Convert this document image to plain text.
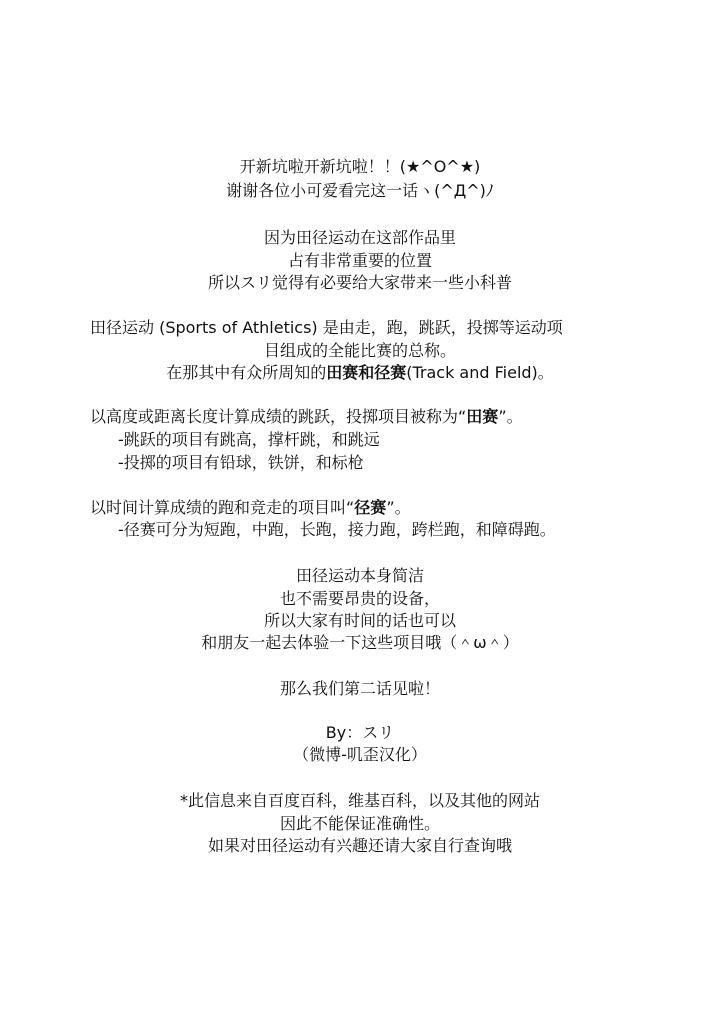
开新坑啦开新坑啦！！(★^O^★)
谢谢各位小可爱看完这一话ヽ(^Д^)ﾉ
因为田径运动在这部作品里
占有非常重要的位置
所以スリ觉得有必要给大家带来一些小科普
田径运动 (Sports of Athletics) 是由走，跑，跳跃，投掷等运动项
目组成的全能比赛的总称。
在那其中有众所周知的田赛和径赛(Track and Field)。
以高度或距离长度计算成绩的跳跃，投掷项目被称为“田赛”。
-跳跃的项目有跳高，撑杆跳，和跳远
-投掷的项目有铅球，铁饼，和标枪
以时间计算成绩的跑和竞走的项目叫“径赛”。
-径赛可分为短跑，中跑，长跑，接力跑，跨栏跑，和障碍跑。
田径运动本身简洁
也不需要昂贵的设备，
所以大家有时间的话也可以
和朋友一起去体验一下这些项目哦（＾ω＾）
那么我们第二话见啦！
By：スリ
（微博-叽歪汉化）
*此信息来自百度百科，维基百科，以及其他的网站
因此不能保证准确性。
如果对田径运动有兴趣还请大家自行查询哦
